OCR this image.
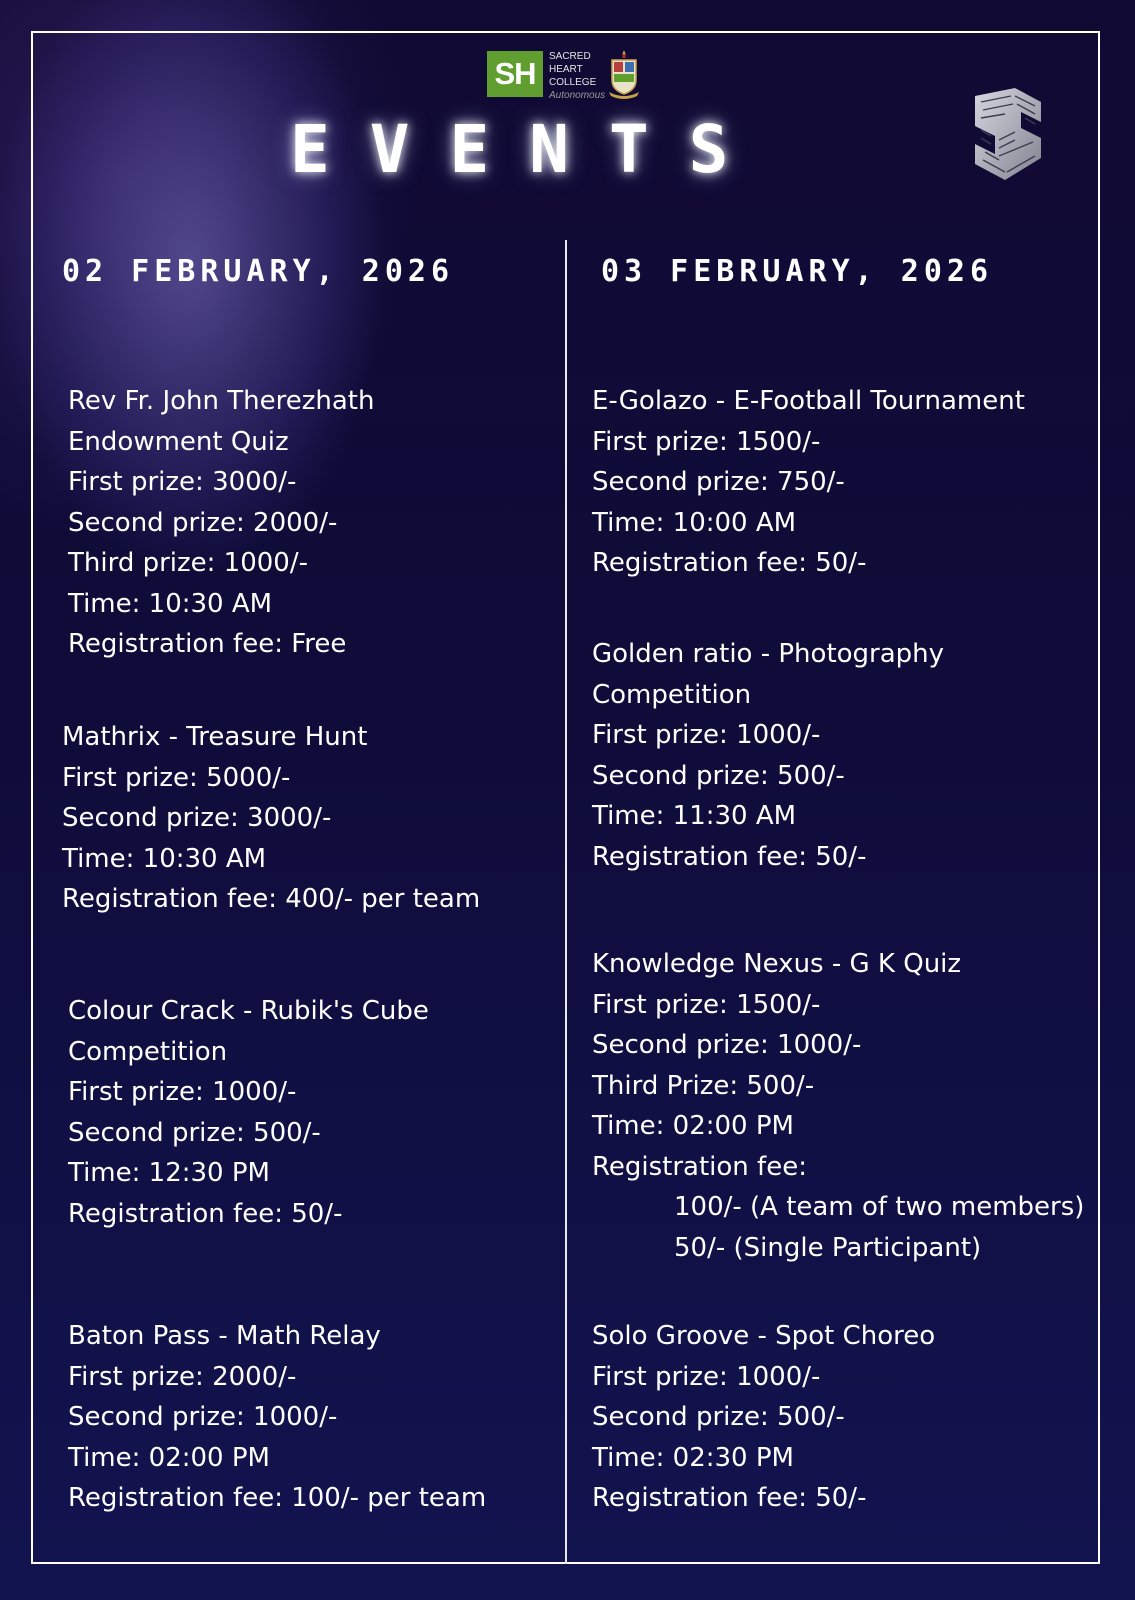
SH	SACRED
HEART
COLLEGE
Autonomous
EVENTS
02 FEBRUARY, 2026	03 FEBRUARY, 2026
Rev Fr. John Therezhath
Endowment Quiz
First prize: 3000/-
Second prize: 2000/-
Third prize: 1000/-
Time: 10:30 AM
Registration fee: Free
Mathrix - Treasure Hunt
First prize: 5000/-
Second prize: 3000/-
Time: 10:30 AM
Registration fee: 400/- per team
Colour Crack - Rubik's Cube
Competition
First prize: 1000/-
Second prize: 500/-
Time: 12:30 PM
Registration fee: 50/-
Baton Pass - Math Relay
First prize: 2000/-
Second prize: 1000/-
Time: 02:00 PM
Registration fee: 100/- per team
E-Golazo - E-Football Tournament
First prize: 1500/-
Second prize: 750/-
Time: 10:00 AM
Registration fee: 50/-
Golden ratio - Photography
Competition
First prize: 1000/-
Second prize: 500/-
Time: 11:30 AM
Registration fee: 50/-
Knowledge Nexus - G K Quiz
First prize: 1500/-
Second prize: 1000/-
Third Prize: 500/-
Time: 02:00 PM
Registration fee:
100/- (A team of two members)
50/- (Single Participant)
Solo Groove - Spot Choreo
First prize: 1000/-
Second prize: 500/-
Time: 02:30 PM
Registration fee: 50/-
